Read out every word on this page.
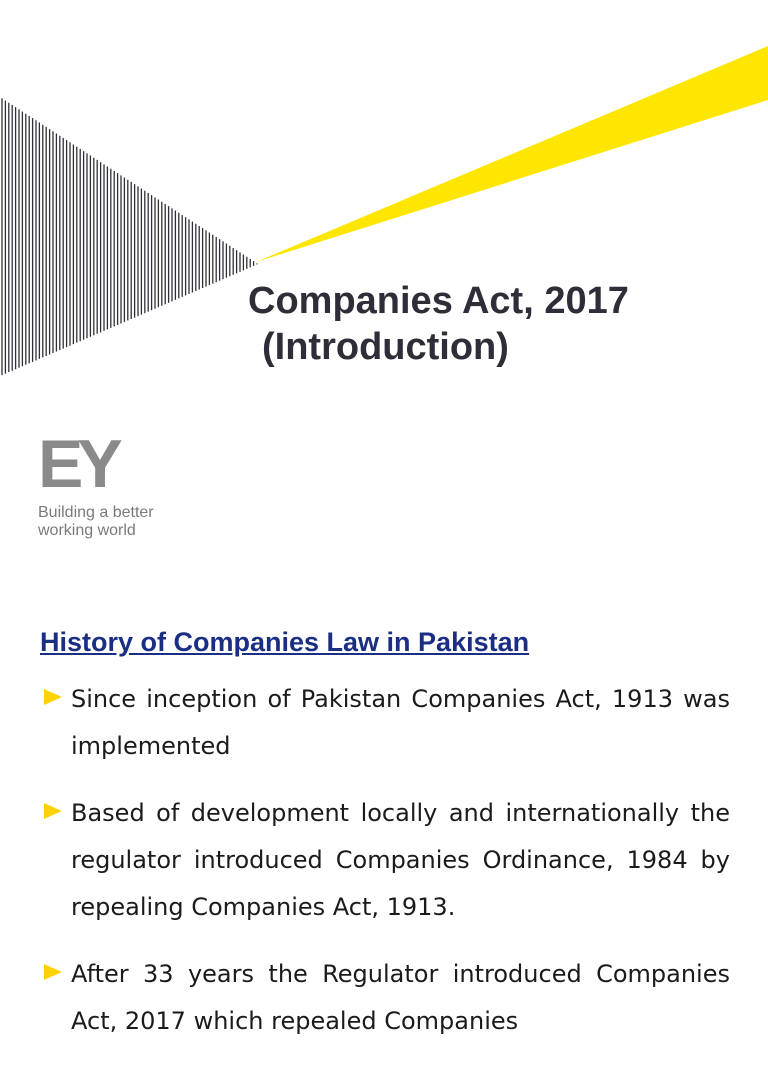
Companies Act, 2017
(Introduction)
EY
Building a better
working world
History of Companies Law in Pakistan
Since inception of Pakistan Companies Act, 1913 was implemented
Based of development locally and internationally the regulator introduced Companies Ordinance, 1984 by repealing Companies Act, 1913.
After 33 years the Regulator introduced Companies Act, 2017 which repealed Companies
